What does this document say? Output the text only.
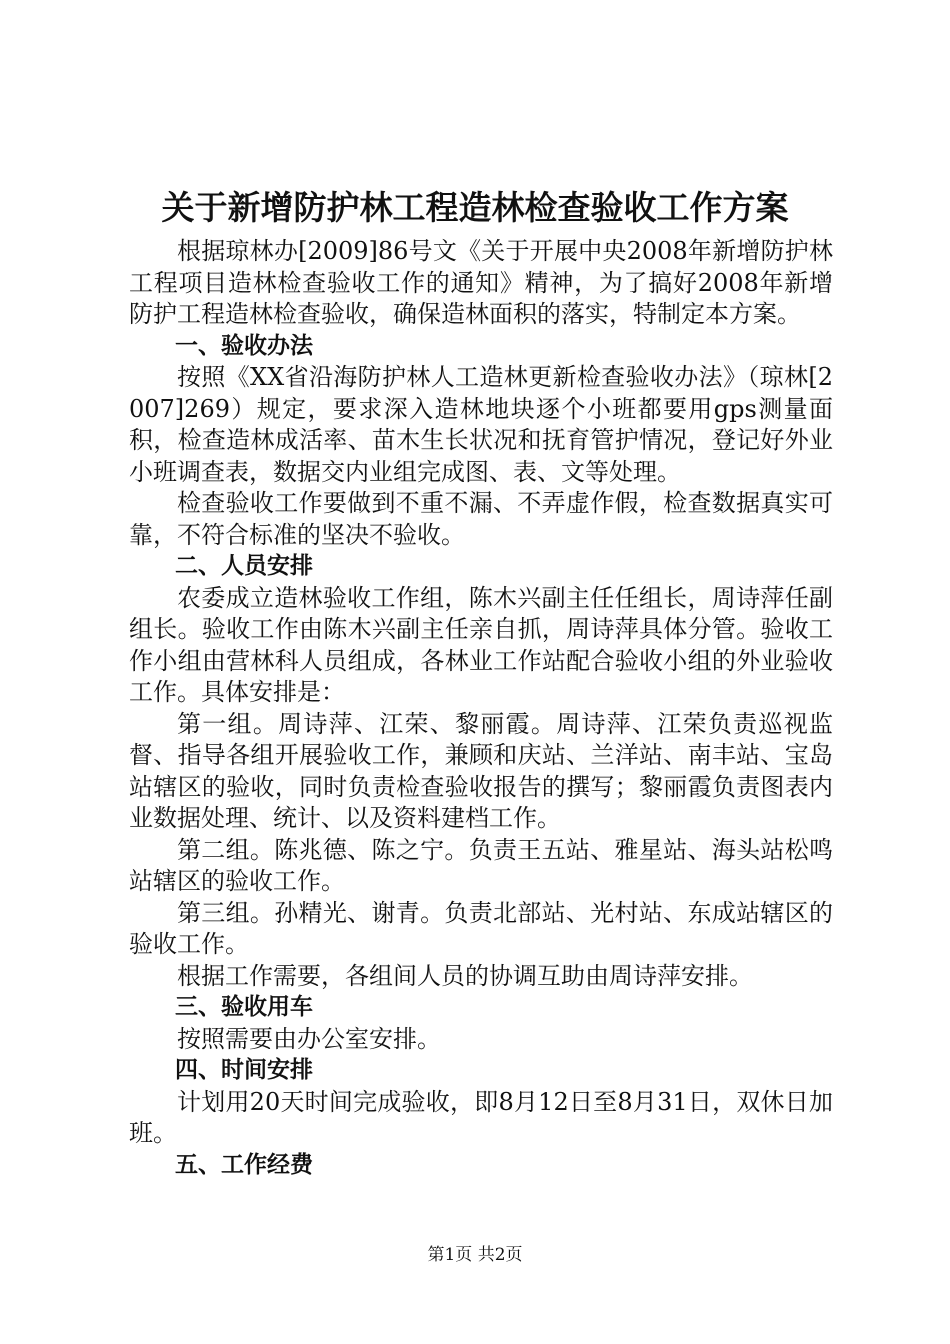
关于新增防护林工程造林检查验收工作方案

根据琼林办[2009]86号文《关于开展中央2008年新增防护林工程项目造林检查验收工作的通知》精神，为了搞好2008年新增防护工程造林检查验收，确保造林面积的落实，特制定本方案。

一、验收办法

按照《XX省沿海防护林人工造林更新检查验收办法》（琼林[2007]269）规定，要求深入造林地块逐个小班都要用gps测量面积，检查造林成活率、苗木生长状况和抚育管护情况，登记好外业小班调查表，数据交内业组完成图、表、文等处理。

检查验收工作要做到不重不漏、不弄虚作假，检查数据真实可靠，不符合标准的坚决不验收。

二、人员安排

农委成立造林验收工作组，陈木兴副主任任组长，周诗萍任副组长。验收工作由陈木兴副主任亲自抓，周诗萍具体分管。验收工作小组由营林科人员组成，各林业工作站配合验收小组的外业验收工作。具体安排是：

第一组。周诗萍、江荣、黎丽霞。周诗萍、江荣负责巡视监督、指导各组开展验收工作，兼顾和庆站、兰洋站、南丰站、宝岛站辖区的验收，同时负责检查验收报告的撰写；黎丽霞负责图表内业数据处理、统计、以及资料建档工作。

第二组。陈兆德、陈之宁。负责王五站、雅星站、海头站松鸣站辖区的验收工作。

第三组。孙精光、谢青。负责北部站、光村站、东成站辖区的验收工作。

根据工作需要，各组间人员的协调互助由周诗萍安排。

三、验收用车

按照需要由办公室安排。

四、时间安排

计划用20天时间完成验收，即8月12日至8月31日，双休日加班。

五、工作经费

第1页 共2页
